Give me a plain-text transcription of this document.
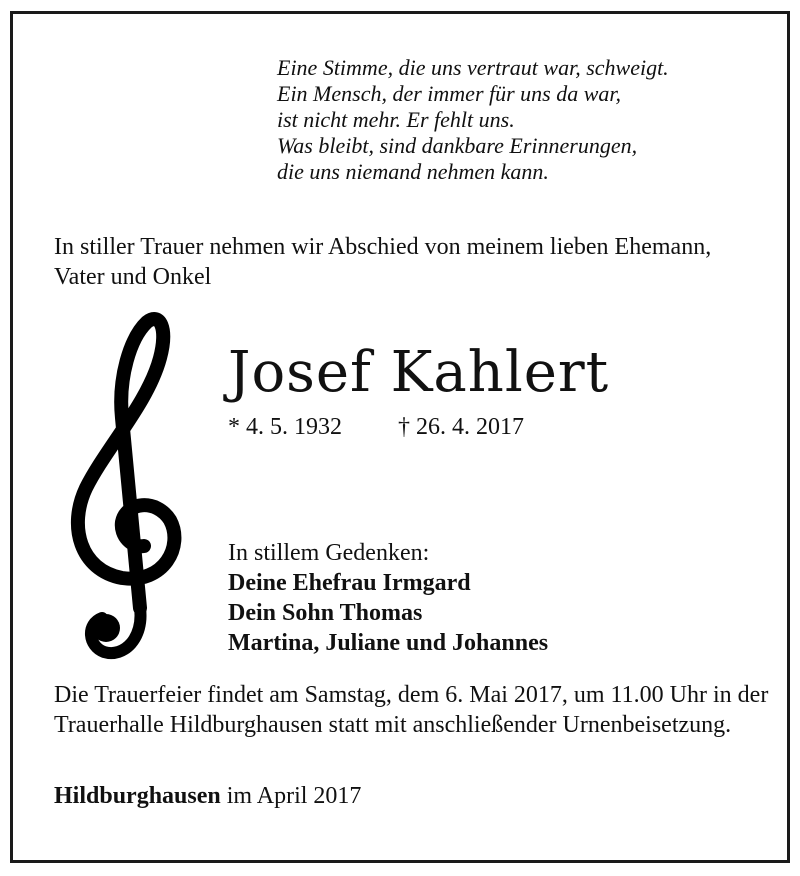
Eine Stimme, die uns vertraut war, schweigt.
Ein Mensch, der immer für uns da war,
ist nicht mehr. Er fehlt uns.
Was bleibt, sind dankbare Erinnerungen,
die uns niemand nehmen kann.
In stiller Trauer nehmen wir Abschied von meinem lieben Ehemann, Vater und Onkel
Josef Kahlert
* 4. 5. 1932 † 26. 4. 2017
In stillem Gedenken:
Deine Ehefrau Irmgard
Dein Sohn Thomas
Martina, Juliane und Johannes
Die Trauerfeier findet am Samstag, dem 6. Mai 2017, um 11.00 Uhr in der Trauerhalle Hildburghausen statt mit anschließender Urnenbeisetzung.
Hildburghausen im April 2017
